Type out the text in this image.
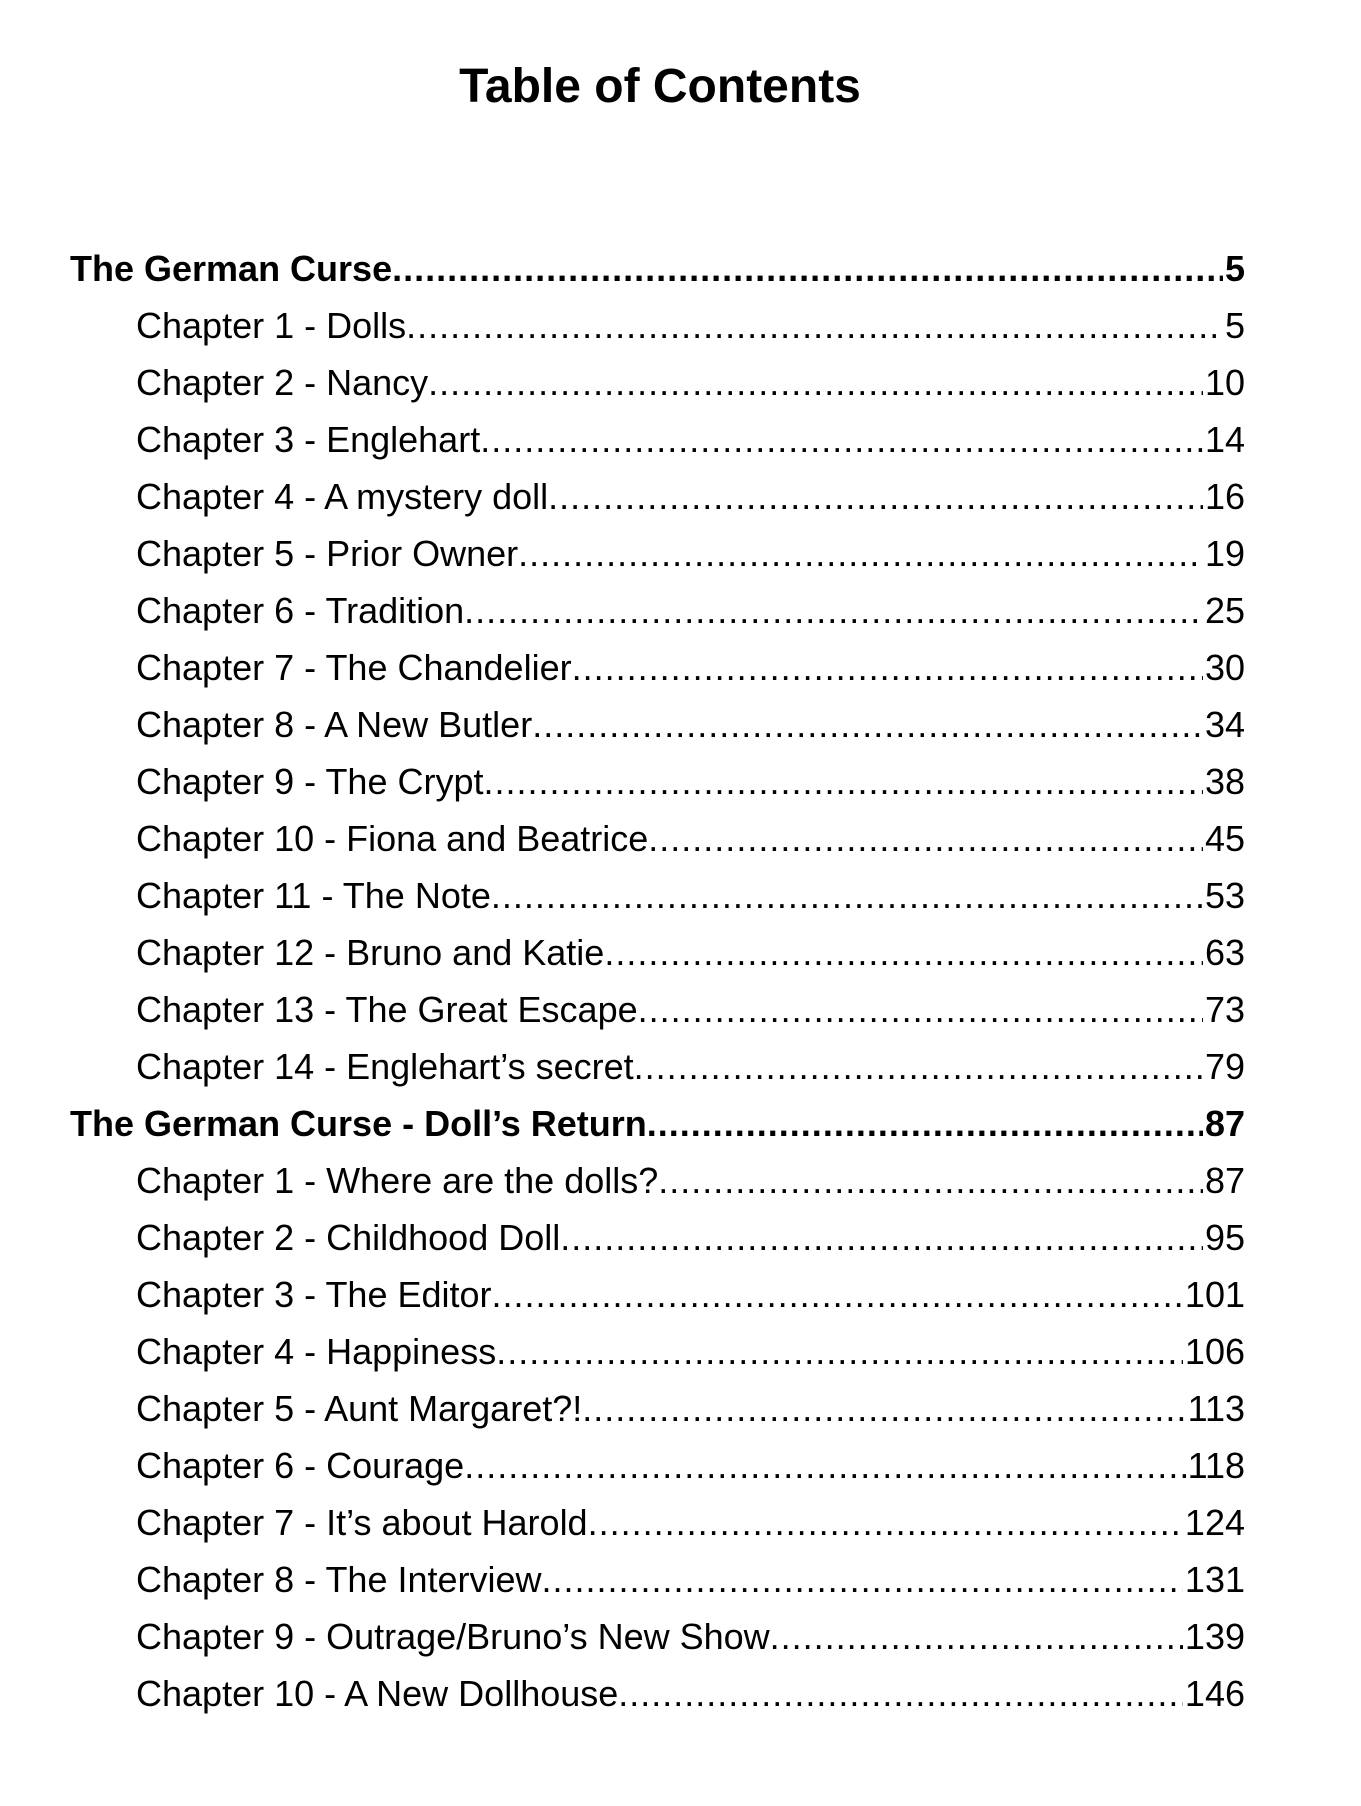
Table of Contents
The German Curse .....	5
Chapter 1 - Dolls .....	5
Chapter 2 - Nancy .....	10
Chapter 3 - Englehart .....	14
Chapter 4 - A mystery doll .....	16
Chapter 5 - Prior Owner .....	19
Chapter 6 - Tradition .....	25
Chapter 7 - The Chandelier .....	30
Chapter 8 - A New Butler .....	34
Chapter 9 - The Crypt .....	38
Chapter 10 - Fiona and Beatrice .....	45
Chapter 11 - The Note .....	53
Chapter 12 - Bruno and Katie .....	63
Chapter 13 - The Great Escape .....	73
Chapter 14 - Englehart’s secret .....	79
The German Curse - Doll’s Return .....	87
Chapter 1 - Where are the dolls? .....	87
Chapter 2 - Childhood Doll .....	95
Chapter 3 - The Editor .....	101
Chapter 4 - Happiness .....	106
Chapter 5 - Aunt Margaret?! .....	113
Chapter 6 - Courage .....	118
Chapter 7 - It’s about Harold .....	124
Chapter 8 - The Interview .....	131
Chapter 9 - Outrage/Bruno’s New Show .....	139
Chapter 10 - A New Dollhouse .....	146
